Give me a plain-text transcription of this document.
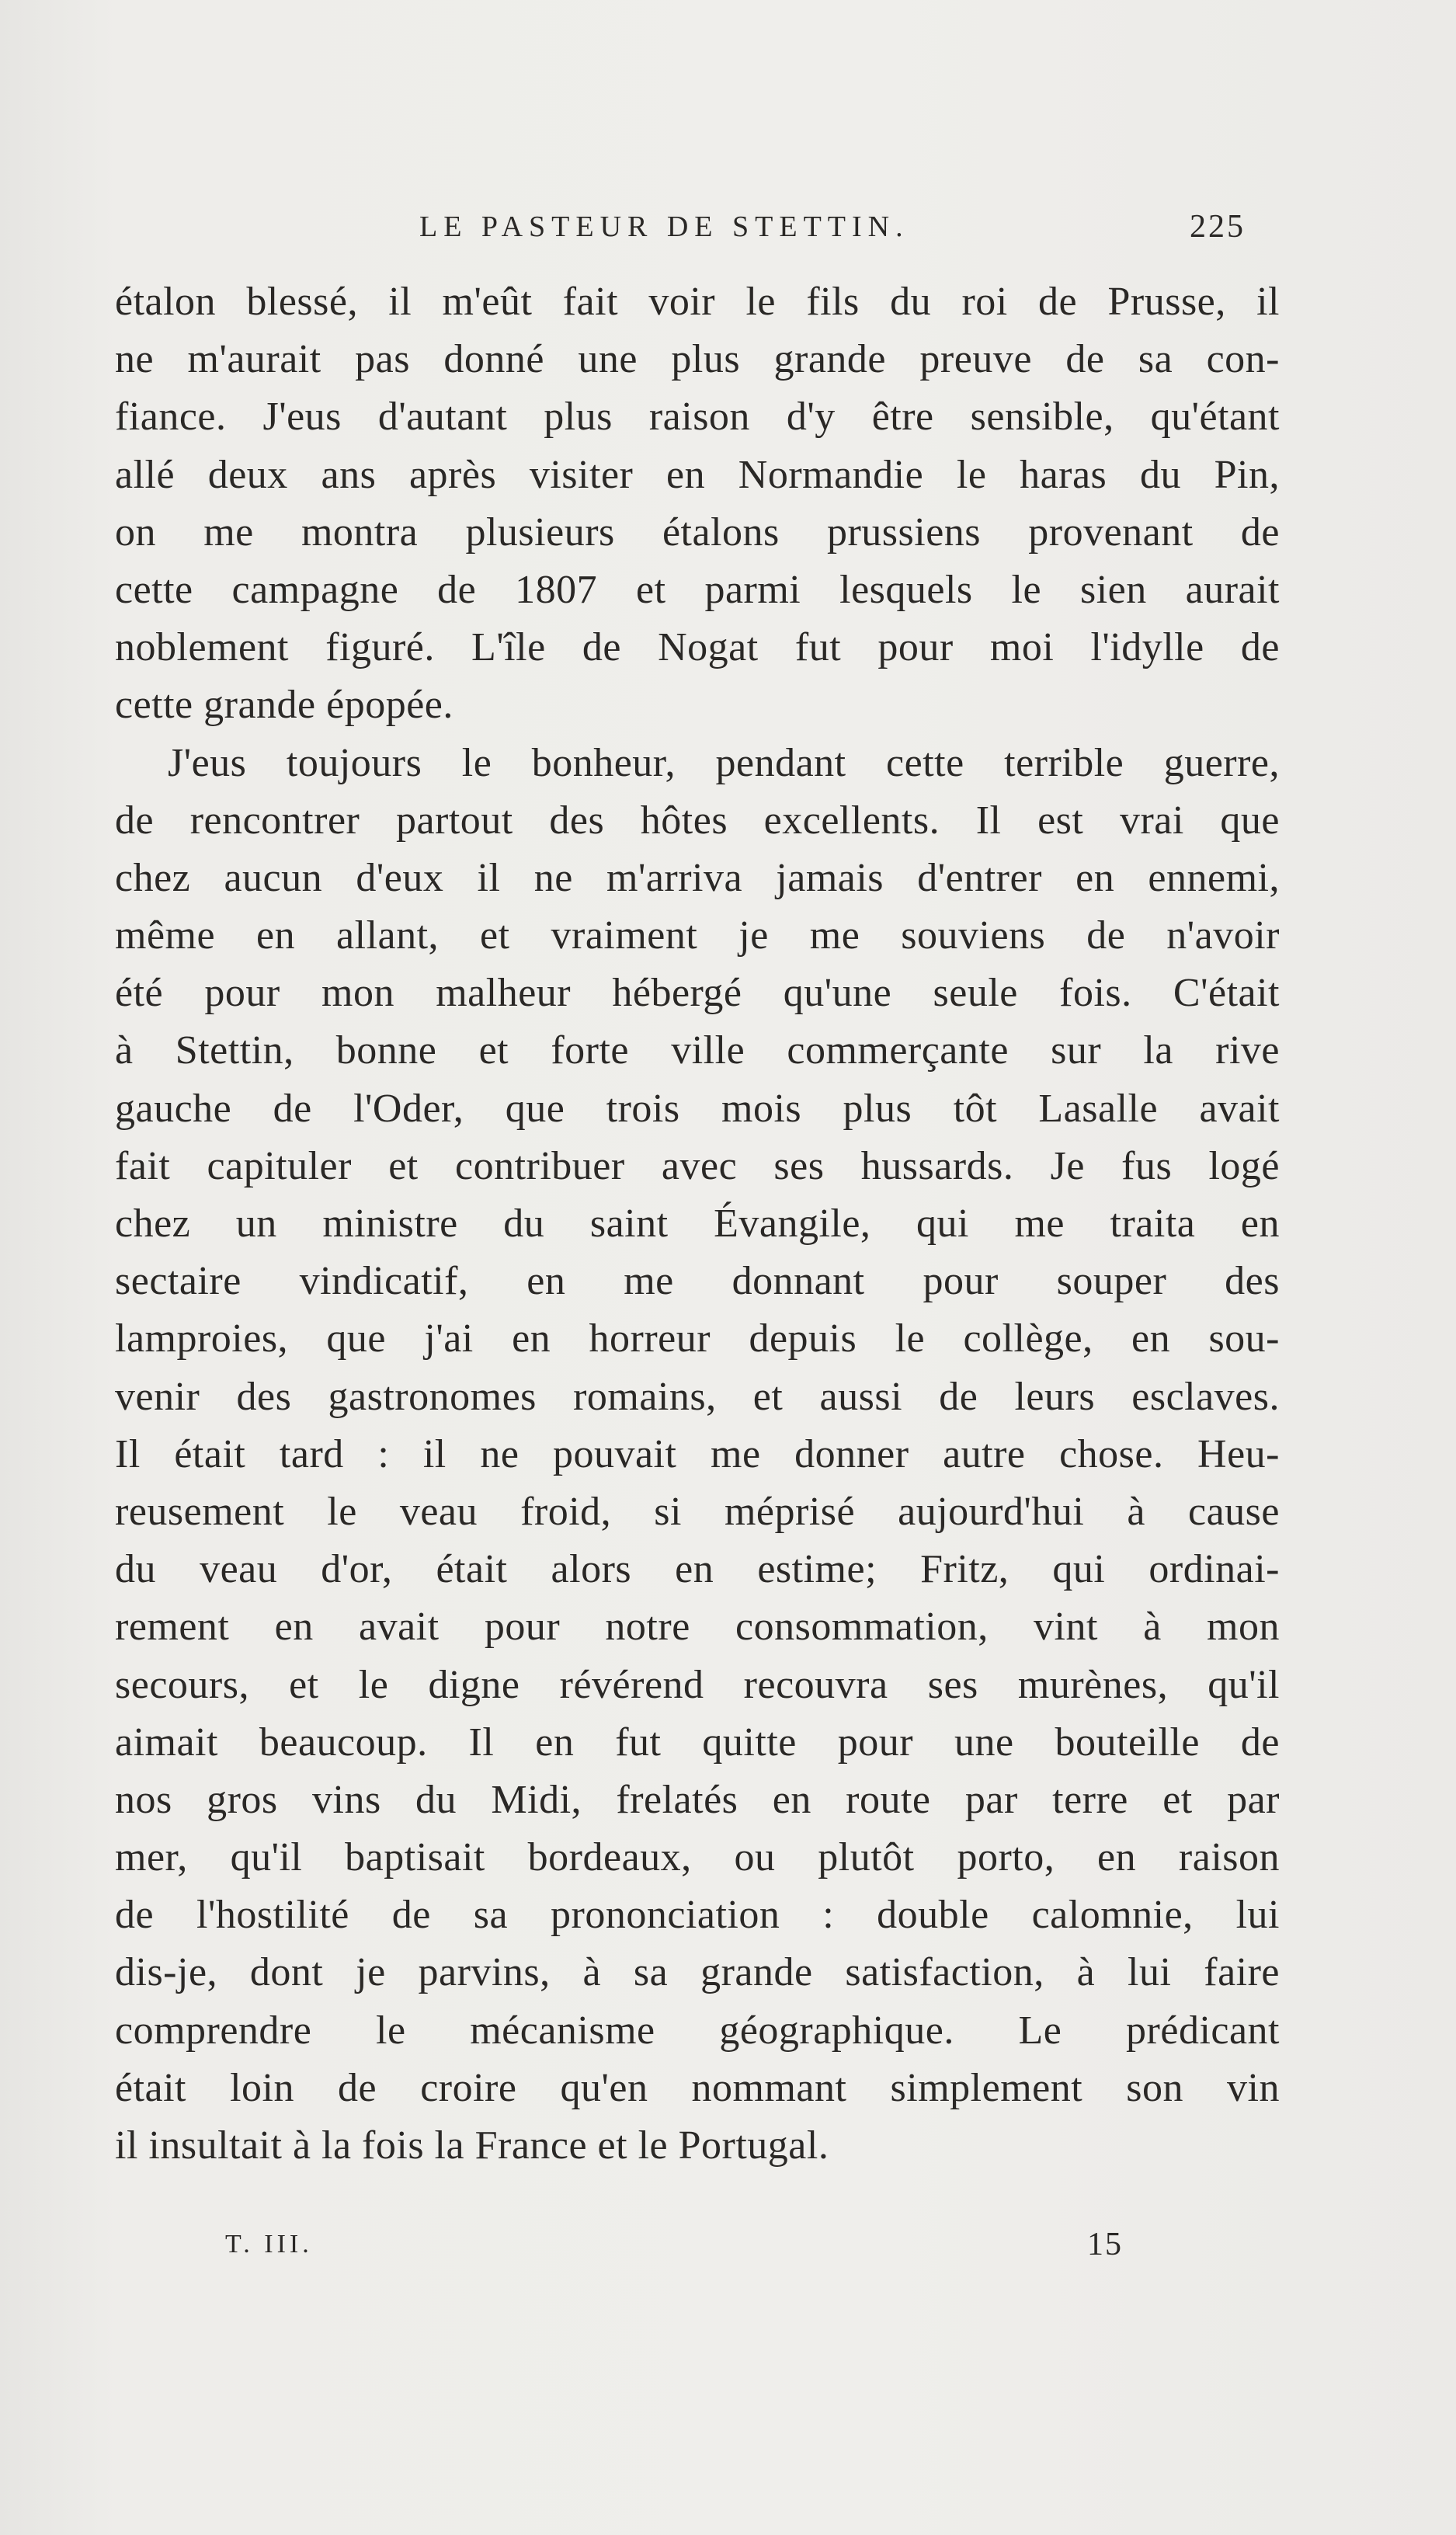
LE PASTEUR DE STETTIN.	225
étalon blessé, il m'eût fait voir le fils du roi de Prusse, il
ne m'aurait pas donné une plus grande preuve de sa con-
fiance. J'eus d'autant plus raison d'y être sensible, qu'étant
allé deux ans après visiter en Normandie le haras du Pin,
on me montra plusieurs étalons prussiens provenant de
cette campagne de 1807 et parmi lesquels le sien aurait
noblement figuré. L'île de Nogat fut pour moi l'idylle de
cette grande épopée.
J'eus toujours le bonheur, pendant cette terrible guerre,
de rencontrer partout des hôtes excellents. Il est vrai que
chez aucun d'eux il ne m'arriva jamais d'entrer en ennemi,
même en allant, et vraiment je me souviens de n'avoir
été pour mon malheur hébergé qu'une seule fois. C'était
à Stettin, bonne et forte ville commerçante sur la rive
gauche de l'Oder, que trois mois plus tôt Lasalle avait
fait capituler et contribuer avec ses hussards. Je fus logé
chez un ministre du saint Évangile, qui me traita en
sectaire vindicatif, en me donnant pour souper des
lamproies, que j'ai en horreur depuis le collège, en sou-
venir des gastronomes romains, et aussi de leurs esclaves.
Il était tard : il ne pouvait me donner autre chose. Heu-
reusement le veau froid, si méprisé aujourd'hui à cause
du veau d'or, était alors en estime; Fritz, qui ordinai-
rement en avait pour notre consommation, vint à mon
secours, et le digne révérend recouvra ses murènes, qu'il
aimait beaucoup. Il en fut quitte pour une bouteille de
nos gros vins du Midi, frelatés en route par terre et par
mer, qu'il baptisait bordeaux, ou plutôt porto, en raison
de l'hostilité de sa prononciation : double calomnie, lui
dis-je, dont je parvins, à sa grande satisfaction, à lui faire
comprendre le mécanisme géographique. Le prédicant
était loin de croire qu'en nommant simplement son vin
il insultait à la fois la France et le Portugal.
T. III.	15
